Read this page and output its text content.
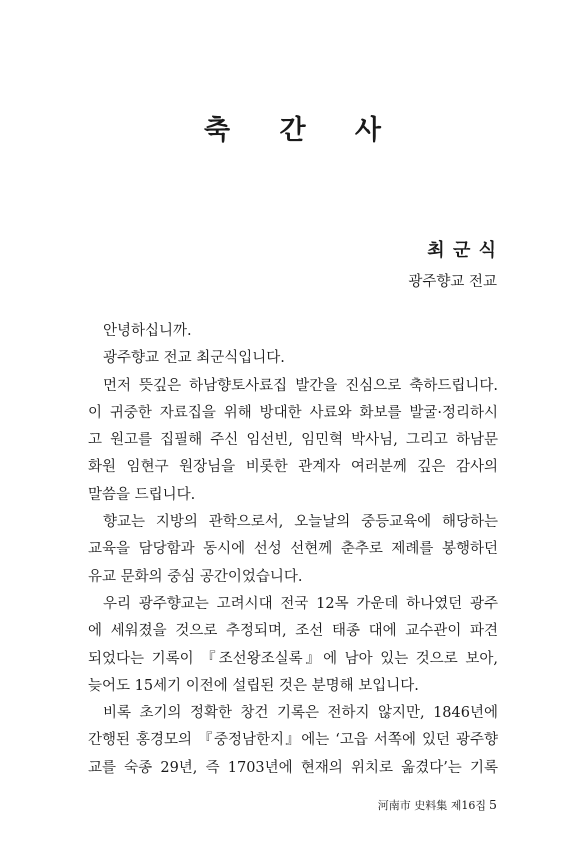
축 간 사

최 군 식

광주향교 전교

안녕하십니까.

광주향교 전교 최군식입니다.

먼저 뜻깊은 하남향토사료집 발간을 진심으로 축하드립니다.
이 귀중한 자료집을 위해 방대한 사료와 화보를 발굴·정리하시
고 원고를 집필해 주신 임선빈, 임민혁 박사님, 그리고 하남문
화원 임현구 원장님을 비롯한 관계자 여러분께 깊은 감사의
말씀을 드립니다.

향교는 지방의 관학으로서, 오늘날의 중등교육에 해당하는
교육을 담당함과 동시에 선성 선현께 춘추로 제례를 봉행하던
유교 문화의 중심 공간이었습니다.

우리 광주향교는 고려시대 전국 12목 가운데 하나였던 광주
에 세워졌을 것으로 추정되며, 조선 태종 대에 교수관이 파견
되었다는 기록이 『조선왕조실록』에 남아 있는 것으로 보아,
늦어도 15세기 이전에 설립된 것은 분명해 보입니다.

비록 초기의 정확한 창건 기록은 전하지 않지만, 1846년에
간행된 홍경모의 『중정남한지』에는 ‘고읍 서쪽에 있던 광주향
교를 숙종 29년, 즉 1703년에 현재의 위치로 옮겼다’는 기록

河南市 史料集 제16집 5
